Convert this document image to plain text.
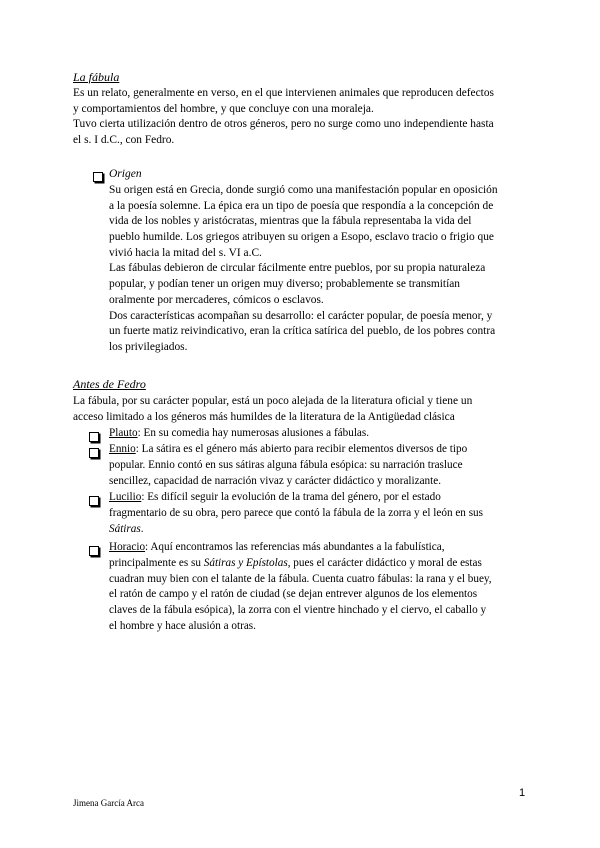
La fábula
Es un relato, generalmente en verso, en el que intervienen animales que reproducen defectos
y comportamientos del hombre, y que concluye con una moraleja.
Tuvo cierta utilización dentro de otros géneros, pero no surge como uno independiente hasta
el s. I d.C., con Fedro.
Origen
Su origen está en Grecia, donde surgió como una manifestación popular en oposición
a la poesía solemne. La épica era un tipo de poesía que respondía a la concepción de
vida de los nobles y aristócratas, mientras que la fábula representaba la vida del
pueblo humilde. Los griegos atribuyen su origen a Esopo, esclavo tracio o frigio que
vivió hacia la mitad del s. VI a.C.
Las fábulas debieron de circular fácilmente entre pueblos, por su propia naturaleza
popular, y podían tener un origen muy diverso; probablemente se transmitían
oralmente por mercaderes, cómicos o esclavos.
Dos características acompañan su desarrollo: el carácter popular, de poesía menor, y
un fuerte matiz reivindicativo, eran la crítica satírica del pueblo, de los pobres contra
los privilegiados.
Antes de Fedro
La fábula, por su carácter popular, está un poco alejada de la literatura oficial y tiene un
acceso limitado a los géneros más humildes de la literatura de la Antigüedad clásica
Plauto: En su comedia hay numerosas alusiones a fábulas.
Ennio: La sátira es el género más abierto para recibir elementos diversos de tipo
popular. Ennio contó en sus sátiras alguna fábula esópica: su narración trasluce
sencillez, capacidad de narración vivaz y carácter didáctico y moralizante.
Lucilio: Es difícil seguir la evolución de la trama del género, por el estado
fragmentario de su obra, pero parece que contó la fábula de la zorra y el león en sus
Sátiras.
Horacio: Aquí encontramos las referencias más abundantes a la fabulística,
principalmente es su Sátiras y Epístolas, pues el carácter didáctico y moral de estas
cuadran muy bien con el talante de la fábula. Cuenta cuatro fábulas: la rana y el buey,
el ratón de campo y el ratón de ciudad (se dejan entrever algunos de los elementos
claves de la fábula esópica), la zorra con el vientre hinchado y el ciervo, el caballo y
el hombre y hace alusión a otras.
1
Jimena García Arca
